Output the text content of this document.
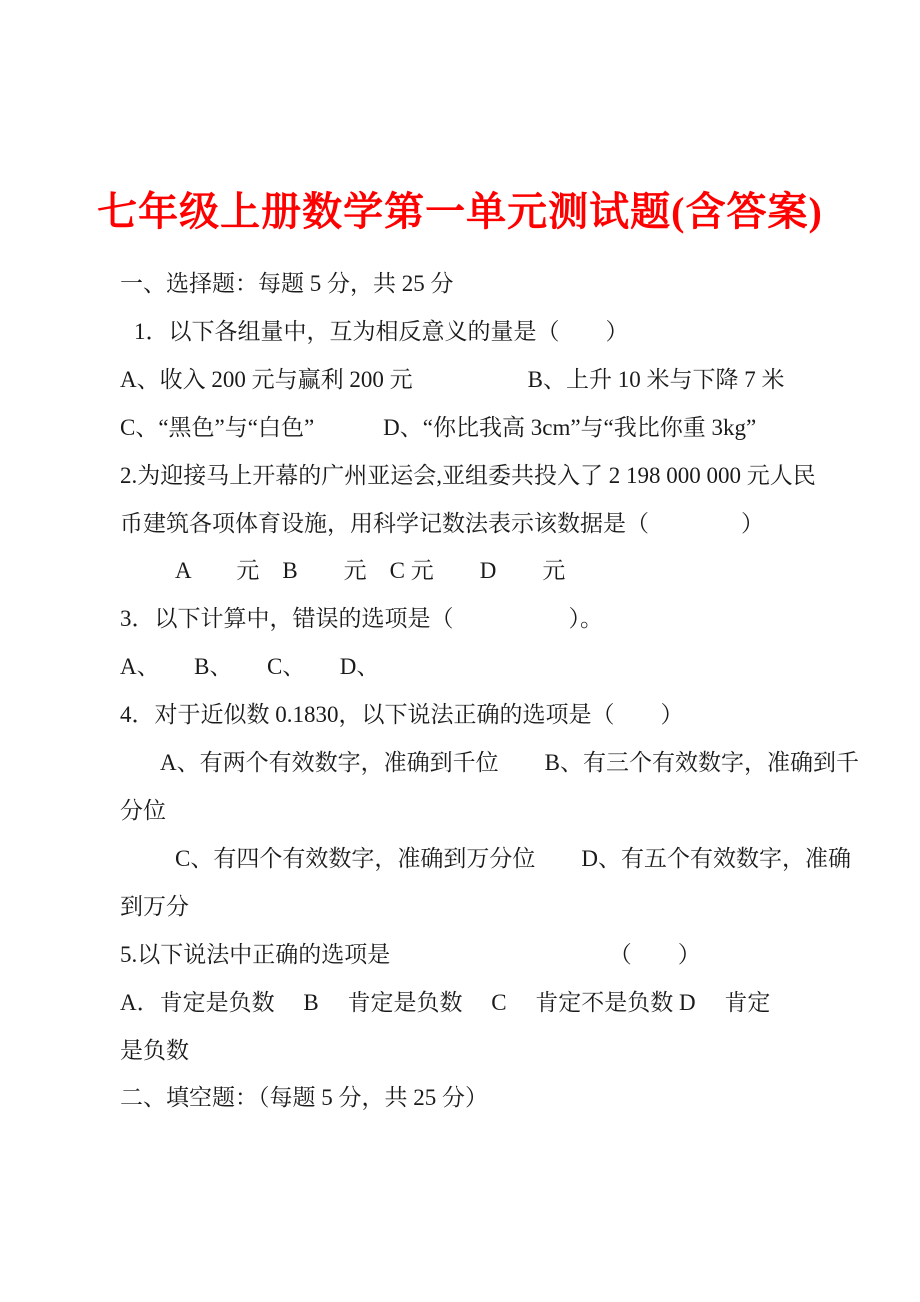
七年级上册数学第一单元测试题(含答案)
一、选择题：每题 5 分，共 25 分
1．以下各组量中，互为相反意义的量是（　　）
A、收入 200 元与赢利 200 元　　　　　B、上升 10 米与下降 7 米
C、“黑色”与“白色”　　　D、“你比我高 3cm”与“我比你重 3kg”
2.为迎接马上开幕的广州亚运会,亚组委共投入了 2 198 000 000 元人民
币建筑各项体育设施，用科学记数法表示该数据是（　　　　）
A　　元　B　　元　C 元　　D　　元
3．以下计算中，错误的选项是（　　　　　）。
A、　　B、　　C、　　D、
4．对于近似数 0.1830，以下说法正确的选项是（　　）
A、有两个有效数字，准确到千位　　B、有三个有效数字，准确到千
分位
C、有四个有效数字，准确到万分位　　D、有五个有效数字，准确
到万分
5.以下说法中正确的选项是　　　　　　　　　　（　　）
A．肯定是负数　 B　 肯定是负数　 C　 肯定不是负数 D　 肯定
是负数
二、填空题：（每题 5 分，共 25 分）
